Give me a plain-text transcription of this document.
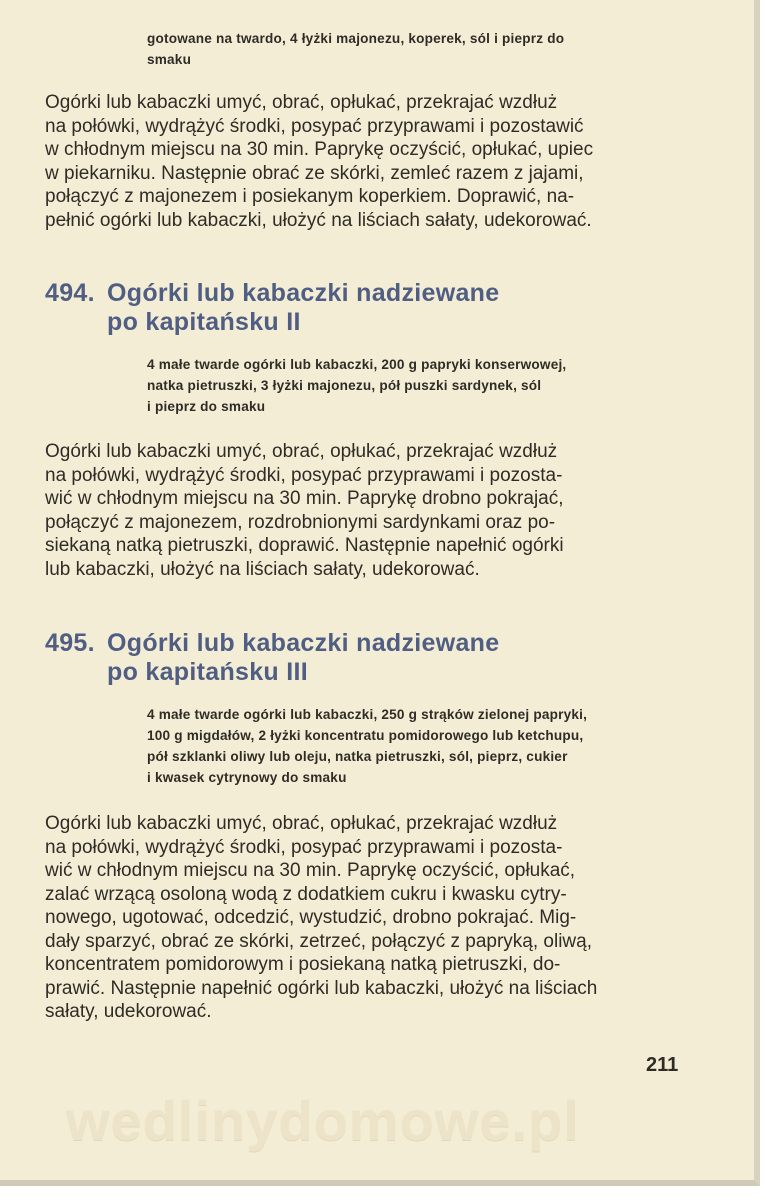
gotowane na twardo, 4 łyżki majonezu, koperek, sól i pieprz do
smaku
Ogórki lub kabaczki umyć, obrać, opłukać, przekrajać wzdłuż
na połówki, wydrążyć środki, posypać przyprawami i pozostawić
w chłodnym miejscu na 30 min. Paprykę oczyścić, opłukać, upiec
w piekarniku. Następnie obrać ze skórki, zemleć razem z jajami,
połączyć z majonezem i posiekanym koperkiem. Doprawić, na-
pełnić ogórki lub kabaczki, ułożyć na liściach sałaty, udekorować.
494. Ogórki lub kabaczki nadziewane
po kapitańsku II
4 małe twarde ogórki lub kabaczki, 200 g papryki konserwowej,
natka pietruszki, 3 łyżki majonezu, pół puszki sardynek, sól
i pieprz do smaku
Ogórki lub kabaczki umyć, obrać, opłukać, przekrajać wzdłuż
na połówki, wydrążyć środki, posypać przyprawami i pozosta-
wić w chłodnym miejscu na 30 min. Paprykę drobno pokrajać,
połączyć z majonezem, rozdrobnionymi sardynkami oraz po-
siekaną natką pietruszki, doprawić. Następnie napełnić ogórki
lub kabaczki, ułożyć na liściach sałaty, udekorować.
495. Ogórki lub kabaczki nadziewane
po kapitańsku III
4 małe twarde ogórki lub kabaczki, 250 g strąków zielonej papryki,
100 g migdałów, 2 łyżki koncentratu pomidorowego lub ketchupu,
pół szklanki oliwy lub oleju, natka pietruszki, sól, pieprz, cukier
i kwasek cytrynowy do smaku
Ogórki lub kabaczki umyć, obrać, opłukać, przekrajać wzdłuż
na połówki, wydrążyć środki, posypać przyprawami i pozosta-
wić w chłodnym miejscu na 30 min. Paprykę oczyścić, opłukać,
zalać wrzącą osoloną wodą z dodatkiem cukru i kwasku cytry-
nowego, ugotować, odcedzić, wystudzić, drobno pokrajać. Mig-
dały sparzyć, obrać ze skórki, zetrzeć, połączyć z papryką, oliwą,
koncentratem pomidorowym i posiekaną natką pietruszki, do-
prawić. Następnie napełnić ogórki lub kabaczki, ułożyć na liściach
sałaty, udekorować.
211
wedlinydomowe.pl
